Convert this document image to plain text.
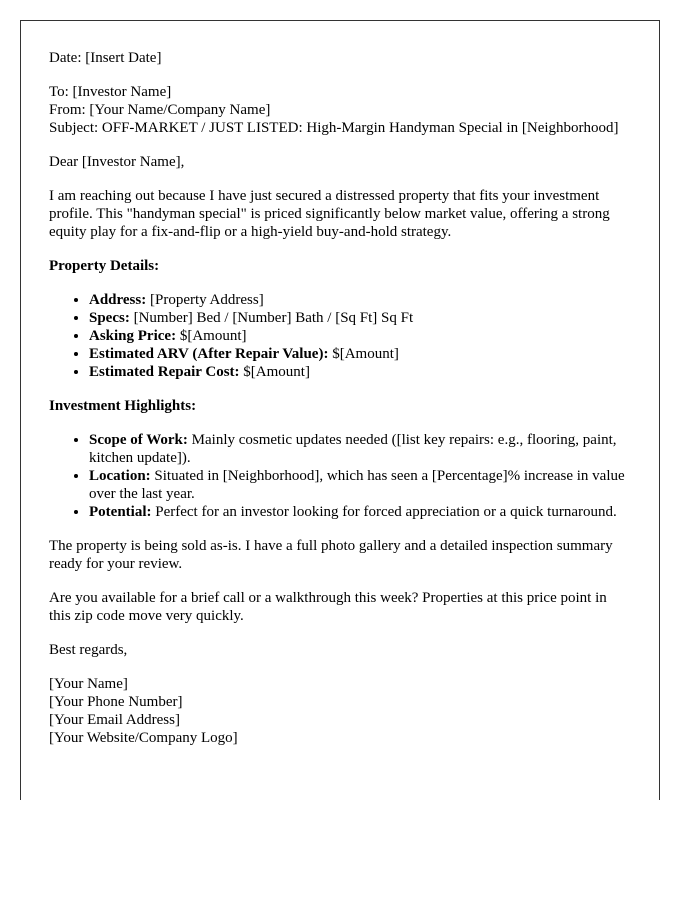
Date: [Insert Date]

To: [Investor Name]
From: [Your Name/Company Name]
Subject: OFF-MARKET / JUST LISTED: High-Margin Handyman Special in [Neighborhood]

Dear [Investor Name],

I am reaching out because I have just secured a distressed property that fits your investment profile. This "handyman special" is priced significantly below market value, offering a strong equity play for a fix-and-flip or a high-yield buy-and-hold strategy.

Property Details:

• Address: [Property Address]
• Specs: [Number] Bed / [Number] Bath / [Sq Ft] Sq Ft
• Asking Price: $[Amount]
• Estimated ARV (After Repair Value): $[Amount]
• Estimated Repair Cost: $[Amount]

Investment Highlights:

• Scope of Work: Mainly cosmetic updates needed ([list key repairs: e.g., flooring, paint, kitchen update]).
• Location: Situated in [Neighborhood], which has seen a [Percentage]% increase in value over the last year.
• Potential: Perfect for an investor looking for forced appreciation or a quick turnaround.

The property is being sold as-is. I have a full photo gallery and a detailed inspection summary ready for your review.

Are you available for a brief call or a walkthrough this week? Properties at this price point in this zip code move very quickly.

Best regards,

[Your Name]
[Your Phone Number]
[Your Email Address]
[Your Website/Company Logo]
